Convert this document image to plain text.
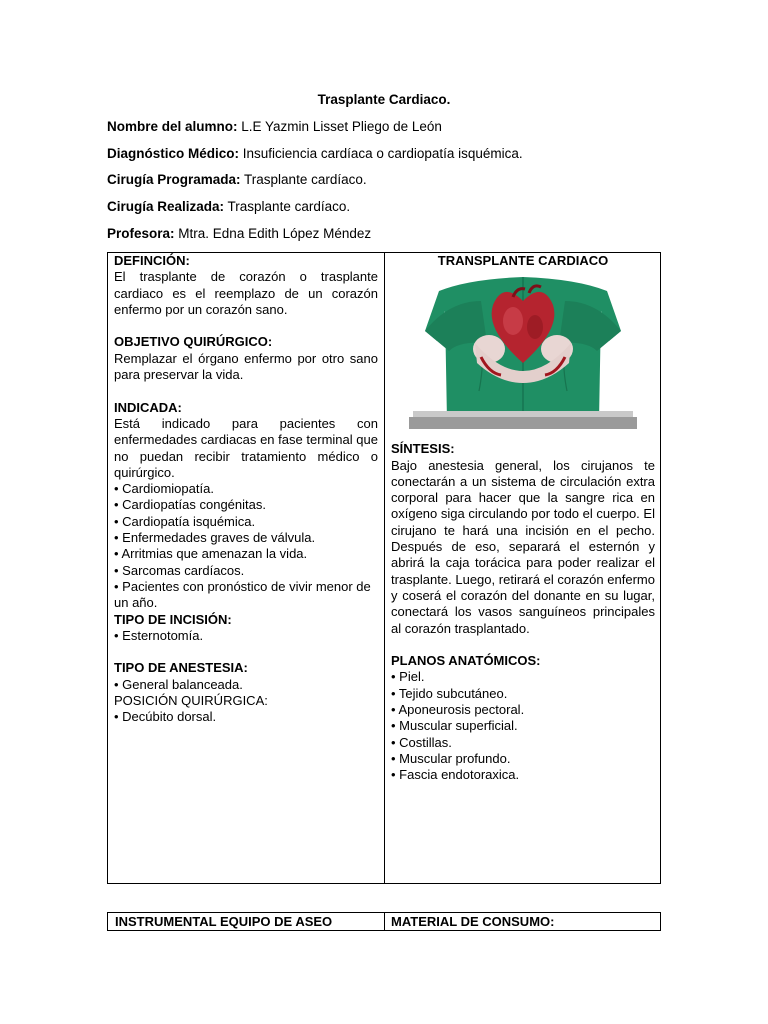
Trasplante Cardiaco.
Nombre del alumno: L.E Yazmin Lisset Pliego de León
Diagnóstico Médico: Insuficiencia cardíaca o cardiopatía isquémica.
Cirugía Programada: Trasplante cardíaco.
Cirugía Realizada: Trasplante cardíaco.
Profesora: Mtra. Edna Edith López Méndez
DEFINCIÓN:
El trasplante de corazón o trasplante cardiaco es el reemplazo de un corazón enfermo por un corazón sano.
OBJETIVO QUIRÚRGICO:
Remplazar el órgano enfermo por otro sano para preservar la vida.
INDICADA:
Está indicado para pacientes con enfermedades cardiacas en fase terminal que no puedan recibir tratamiento médico o quirúrgico.
• Cardiomiopatía.
• Cardiopatías congénitas.
• Cardiopatía isquémica.
• Enfermedades graves de válvula.
• Arritmias que amenazan la vida.
• Sarcomas cardíacos.
• Pacientes con pronóstico de vivir menor de un año.
TIPO DE INCISIÓN:
• Esternotomía.
TIPO DE ANESTESIA:
• General balanceada.
POSICIÓN QUIRÚRGICA:
• Decúbito dorsal.
TRANSPLANTE CARDIACO
SÍNTESIS:
Bajo anestesia general, los cirujanos te conectarán a un sistema de circulación extra corporal para hacer que la sangre rica en oxígeno siga circulando por todo el cuerpo. El cirujano te hará una incisión en el pecho. Después de eso, separará el esternón y abrirá la caja torácica para poder realizar el trasplante. Luego, retirará el corazón enfermo y coserá el corazón del donante en su lugar, conectará los vasos sanguíneos principales al corazón trasplantado.
PLANOS ANATÓMICOS:
• Piel.
• Tejido subcutáneo.
• Aponeurosis pectoral.
• Muscular superficial.
• Costillas.
• Muscular profundo.
• Fascia endotoraxica.
INSTRUMENTAL EQUIPO DE ASEO	MATERIAL DE CONSUMO:
